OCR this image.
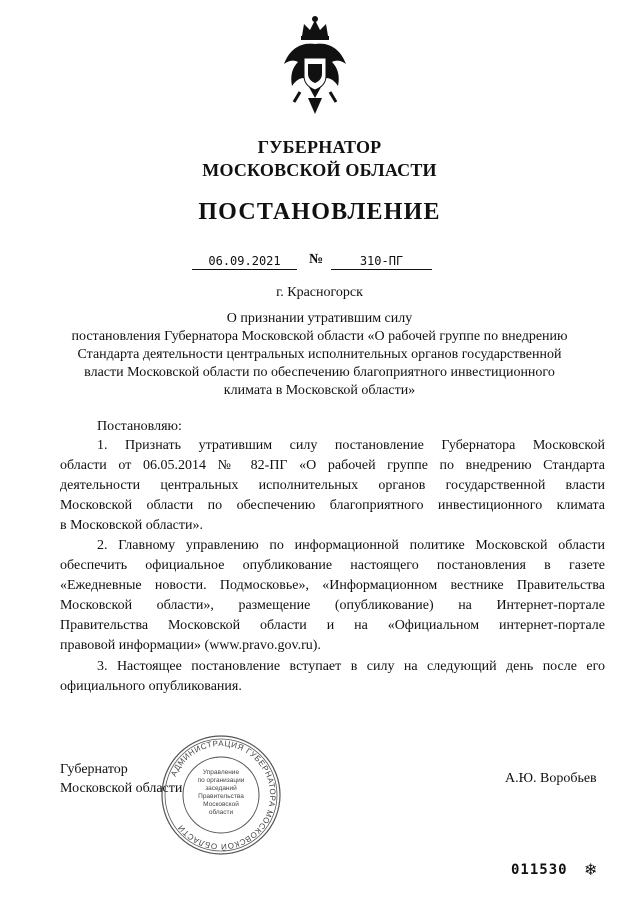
ГУБЕРНАТОР
МОСКОВСКОЙ ОБЛАСТИ
ПОСТАНОВЛЕНИЕ
06.09.2021	№	310-ПГ
г. Красногорск
О признании утратившим силу
постановления Губернатора Московской области «О рабочей группе по внедрению
Стандарта деятельности центральных исполнительных органов государственной
власти Московской области по обеспечению благоприятного инвестиционного
климата в Московской области»
Постановляю:
1. Признать утратившим силу постановление Губернатора Московской
области от 06.05.2014 № 82-ПГ «О рабочей группе по внедрению Стандарта
деятельности центральных исполнительных органов государственной власти
Московской области по обеспечению благоприятного инвестиционного климата
в Московской области».
2. Главному управлению по информационной политике Московской области
обеспечить официальное опубликование настоящего постановления в газете
«Ежедневные новости. Подмосковье», «Информационном вестнике Правительства
Московской области», размещение (опубликование) на Интернет-портале
Правительства Московской области и на «Официальном интернет-портале
правовой информации» (www.pravo.gov.ru).
3. Настоящее постановление вступает в силу на следующий день после его
официального опубликования.
Губернатор
Московской области
АДМИНИСТРАЦИЯ ГУБЕРНАТОРА МОСКОВСКОЙ ОБЛАСТИ
Управление
по организации
заседаний
Правительства
Московской
области
А.Ю. Воробьев
011530 ❄
